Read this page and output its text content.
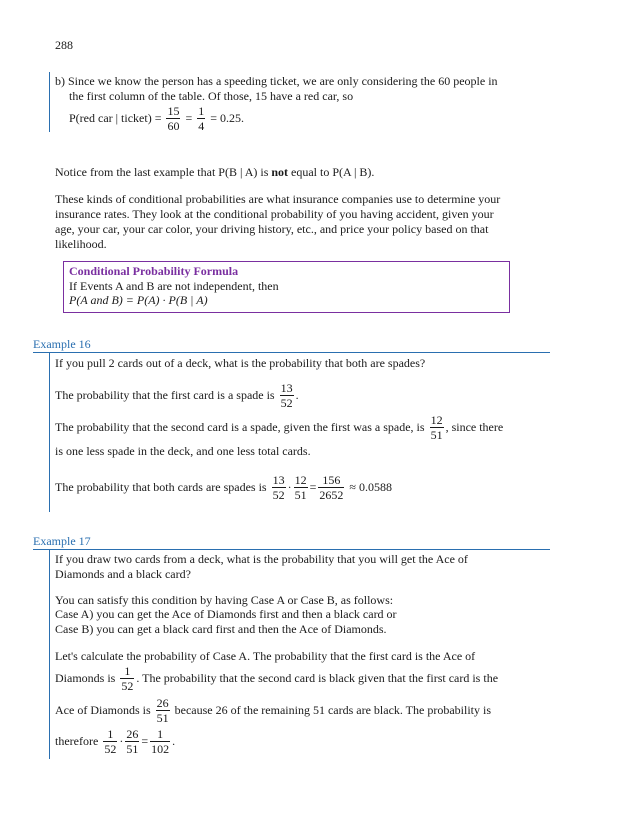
288
b) Since we know the person has a speeding ticket, we are only considering the 60 people in
the first column of the table. Of those, 15 have a red car, so
P(red car | ticket) = $\frac{15}{60} = \frac{1}{4} = 0.25$.
Notice from the last example that P(B | A) is not equal to P(A | B).
These kinds of conditional probabilities are what insurance companies use to determine your
insurance rates. They look at the conditional probability of you having accident, given your
age, your car, your car color, your driving history, etc., and price your policy based on that
likelihood.
Conditional Probability Formula
If Events A and B are not independent, then
P(A and B) = P(A) · P(B | A)
Example 16
If you pull 2 cards out of a deck, what is the probability that both are spades?
The probability that the first card is a spade is $\frac{13}{52}$ .
The probability that the second card is a spade, given the first was a spade, is $\frac{12}{51}$ , since there
is one less spade in the deck, and one less total cards.
The probability that both cards are spades is $\frac{13}{52} \cdot \frac{12}{51} = \frac{156}{2652} \approx 0.0588$
Example 17
If you draw two cards from a deck, what is the probability that you will get the Ace of
Diamonds and a black card?
You can satisfy this condition by having Case A or Case B, as follows:
Case A) you can get the Ace of Diamonds first and then a black card or
Case B) you can get a black card first and then the Ace of Diamonds.
Let's calculate the probability of Case A. The probability that the first card is the Ace of
Diamonds is $\frac{1}{52}$ . The probability that the second card is black given that the first card is the
Ace of Diamonds is $\frac{26}{51}$ because 26 of the remaining 51 cards are black. The probability is
therefore $\frac{1}{52} \cdot \frac{26}{51} = \frac{1}{102}$ .
